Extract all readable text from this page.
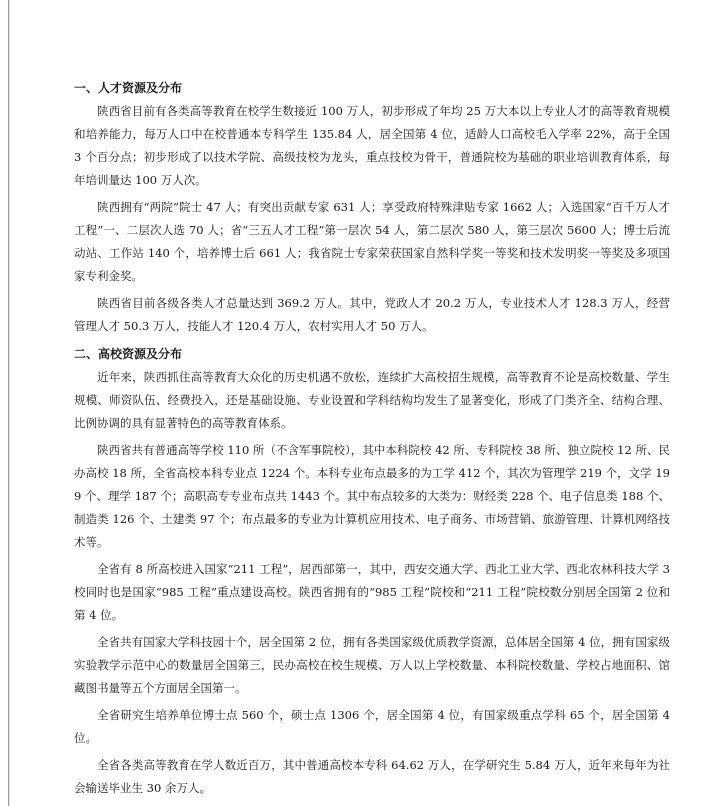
一、人才资源及分布

陕西省目前有各类高等教育在校学生数接近 100 万人，初步形成了年均 25 万大本以上专业人才的高等教育规模和培养能力，每万人口中在校普通本专科学生 135.84 人，居全国第 4 位，适龄人口高校毛入学率 22%，高于全国 3 个百分点；初步形成了以技术学院、高级技校为龙头，重点技校为骨干，普通院校为基础的职业培训教育体系，每年培训量达 100 万人次。

陕西拥有“两院”院士 47 人；有突出贡献专家 631 人；享受政府特殊津贴专家 1662 人；入选国家“百千万人才工程”一、二层次人选 70 人；省“三五人才工程”第一层次 54 人，第二层次 580 人，第三层次 5600 人；博士后流动站、工作站 140 个，培养博士后 661 人；我省院士专家荣获国家自然科学奖一等奖和技术发明奖一等奖及多项国家专利金奖。

陕西省目前各级各类人才总量达到 369.2 万人。其中，党政人才 20.2 万人，专业技术人才 128.3 万人，经营管理人才 50.3 万人，技能人才 120.4 万人，农村实用人才 50 万人。

二、高校资源及分布

近年来，陕西抓住高等教育大众化的历史机遇不放松，连续扩大高校招生规模，高等教育不论是高校数量、学生规模、师资队伍、经费投入，还是基础设施、专业设置和学科结构均发生了显著变化，形成了门类齐全、结构合理、比例协调的具有显著特色的高等教育体系。

陕西省共有普通高等学校 110 所（不含军事院校），其中本科院校 42 所、专科院校 38 所、独立院校 12 所、民办高校 18 所，全省高校本科专业点 1224 个。本科专业布点最多的为工学 412 个，其次为管理学 219 个，文学 199 个、理学 187 个；高职高专专业布点共 1443 个。其中布点较多的大类为：财经类 228 个、电子信息类 188 个、制造类 126 个、土建类 97 个；布点最多的专业为计算机应用技术、电子商务、市场营销、旅游管理、计算机网络技术等。

全省有 8 所高校进入国家“211 工程”，居西部第一，其中，西安交通大学、西北工业大学、西北农林科技大学 3 校同时也是国家“985 工程”重点建设高校。陕西省拥有的“985 工程”院校和“211 工程”院校数分别居全国第 2 位和第 4 位。

全省共有国家大学科技园十个，居全国第 2 位，拥有各类国家级优质教学资源，总体居全国第 4 位，拥有国家级实验教学示范中心的数量居全国第三，民办高校在校生规模、万人以上学校数量、本科院校数量、学校占地面积、馆藏图书量等五个方面居全国第一。

全省研究生培养单位博士点 560 个，硕士点 1306 个，居全国第 4 位，有国家级重点学科 65 个，居全国第 4 位。

全省各类高等教育在学人数近百万，其中普通高校本专科 64.62 万人，在学研究生 5.84 万人，近年来每年为社会输送毕业生 30 余万人。
